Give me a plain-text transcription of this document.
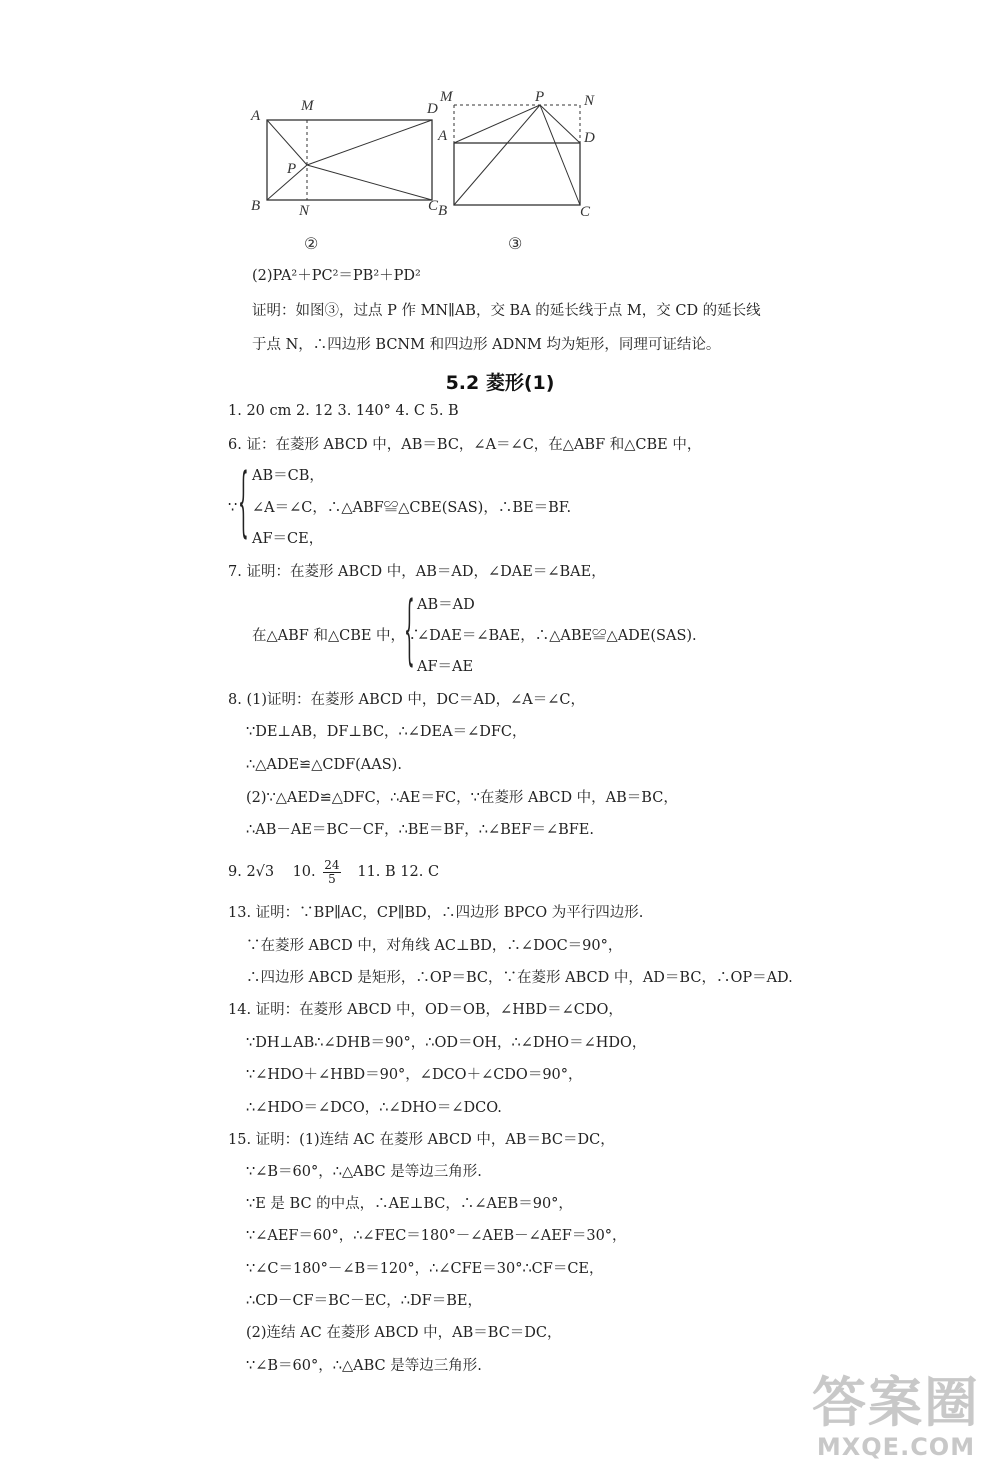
A
M	D
P
B	N	C
②
M	P	N
A	D
B	C
③
(2)PA²＋PC²＝PB²＋PD²
证明：如图③，过点 P 作 MN∥AB，交 BA 的延长线于点 M，交 CD 的延长线
于点 N，∴四边形 BCNM 和四边形 ADNM 均为矩形，同理可证结论。
5.2 菱形(1)
1. 20 cm 2. 12 3. 140° 4. C 5. B
6. 证：在菱形 ABCD 中，AB＝BC，∠A＝∠C，在△ABF 和△CBE 中，
∵ { AB＝CB，
∠A＝∠C，∴△ABF≌△CBE(SAS)，∴BE＝BF.
AF＝CE，
7. 证明：在菱形 ABCD 中，AB＝AD，∠DAE＝∠BAE，
在△ABF 和△CBE 中，∵
{ AB＝AD
∠DAE＝∠BAE，∴△ABE≌△ADE(SAS).
AF＝AE
8. (1)证明：在菱形 ABCD 中，DC＝AD，∠A＝∠C，
∵DE⊥AB，DF⊥BC，∴∠DEA＝∠DFC，
∴△ADE≌△CDF(AAS).
(2)∵△AED≌△DFC，∴AE＝FC，∵在菱形 ABCD 中，AB＝BC，
∴AB－AE＝BC－CF，∴BE＝BF，∴∠BEF＝∠BFE.
9. 2√3 10. $\frac{24}{5} 11$. B 12. C
13. 证明：∵BP∥AC，CP∥BD，∴四边形 BPCO 为平行四边形.
∵在菱形 ABCD 中，对角线 AC⊥BD，∴∠DOC＝90°，
∴四边形 ABCD 是矩形，∴OP＝BC，∵在菱形 ABCD 中，AD＝BC，∴OP＝AD.
14. 证明：在菱形 ABCD 中，OD＝OB，∠HBD＝∠CDO，
∵DH⊥AB∴∠DHB＝90°，∴OD＝OH，∴∠DHO＝∠HDO，
∵∠HDO＋∠HBD＝90°，∠DCO＋∠CDO＝90°，
∴∠HDO＝∠DCO，∴∠DHO＝∠DCO.
15. 证明：(1)连结 AC 在菱形 ABCD 中，AB＝BC＝DC，
∵∠B＝60°，∴△ABC 是等边三角形.
∵E 是 BC 的中点，∴AE⊥BC，∴∠AEB＝90°，
∵∠AEF＝60°，∴∠FEC＝180°－∠AEB－∠AEF＝30°，
∵∠C＝180°－∠B＝120°，∴∠CFE＝30°∴CF＝CE，
∴CD－CF＝BC－EC，∴DF＝BE，
(2)连结 AC 在菱形 ABCD 中，AB＝BC＝DC，
∵∠B＝60°，∴△ABC 是等边三角形.
答案圈
MXQE.COM
